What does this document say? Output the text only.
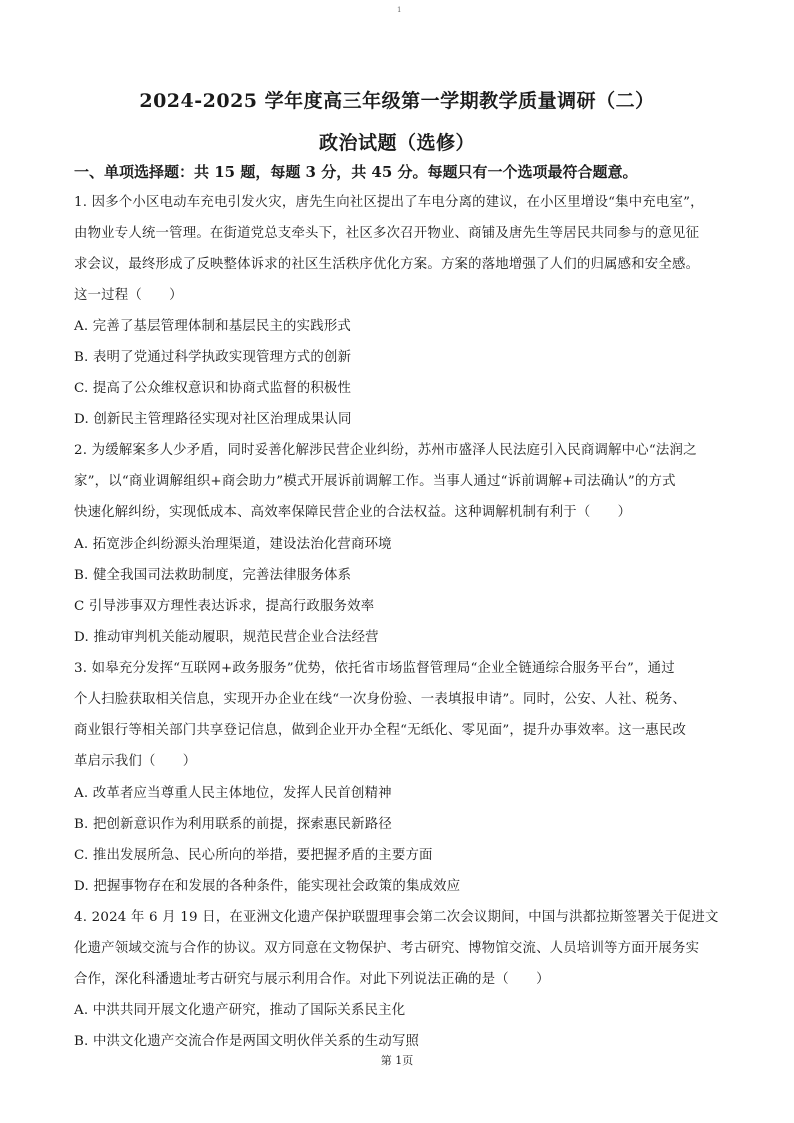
1
2024-2025 学年度高三年级第一学期教学质量调研（二）
政治试题（选修）
一、单项选择题：共 15 题，每题 3 分，共 45 分。每题只有一个选项最符合题意。
1. 因多个小区电动车充电引发火灾，唐先生向社区提出了车电分离的建议，在小区里增设“集中充电室”，
由物业专人统一管理。在街道党总支牵头下，社区多次召开物业、商铺及唐先生等居民共同参与的意见征
求会议，最终形成了反映整体诉求的社区生活秩序优化方案。方案的落地增强了人们的归属感和安全感。
这一过程（　　）
A. 完善了基层管理体制和基层民主的实践形式
B. 表明了党通过科学执政实现管理方式的创新
C. 提高了公众维权意识和协商式监督的积极性
D. 创新民主管理路径实现对社区治理成果认同
2. 为缓解案多人少矛盾，同时妥善化解涉民营企业纠纷，苏州市盛泽人民法庭引入民商调解中心“法润之
家”，以“商业调解组织+商会助力”模式开展诉前调解工作。当事人通过“诉前调解+司法确认”的方式
快速化解纠纷，实现低成本、高效率保障民营企业的合法权益。这种调解机制有利于（　　）
A. 拓宽涉企纠纷源头治理渠道，建设法治化营商环境
B. 健全我国司法救助制度，完善法律服务体系
C 引导涉事双方理性表达诉求，提高行政服务效率
D. 推动审判机关能动履职，规范民营企业合法经营
3. 如皋充分发挥“互联网+政务服务”优势，依托省市场监督管理局“企业全链通综合服务平台”，通过
个人扫脸获取相关信息，实现开办企业在线“一次身份验、一表填报申请”。同时，公安、人社、税务、
商业银行等相关部门共享登记信息，做到企业开办全程“无纸化、零见面”，提升办事效率。这一惠民改
革启示我们（　　）
A. 改革者应当尊重人民主体地位，发挥人民首创精神
B. 把创新意识作为利用联系的前提，探索惠民新路径
C. 推出发展所急、民心所向的举措，要把握矛盾的主要方面
D. 把握事物存在和发展的各种条件，能实现社会政策的集成效应
4. 2024 年 6 月 19 日，在亚洲文化遗产保护联盟理事会第二次会议期间，中国与洪都拉斯签署关于促进文
化遗产领域交流与合作的协议。双方同意在文物保护、考古研究、博物馆交流、人员培训等方面开展务实
合作，深化科潘遗址考古研究与展示利用合作。对此下列说法正确的是（　　）
A. 中洪共同开展文化遗产研究，推动了国际关系民主化
B. 中洪文化遗产交流合作是两国文明伙伴关系的生动写照
第 1页
